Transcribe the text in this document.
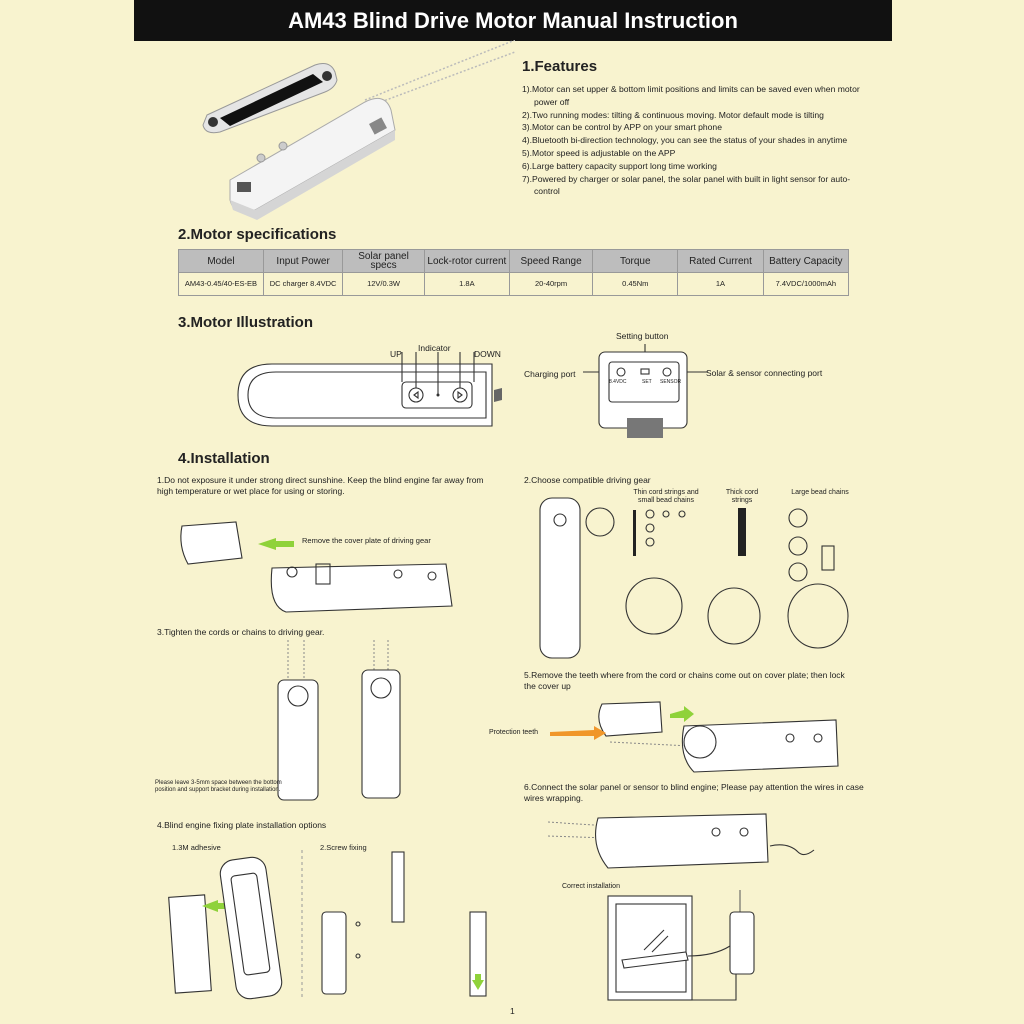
AM43 Blind Drive Motor Manual Instruction
1.Features
1).Motor can set upper & bottom limit positions and limits can be saved even when motor power off
2).Two running modes: tilting & continuous moving. Motor default mode is tilting
3).Motor can be control by APP on your smart phone
4).Bluetooth bi-direction technology, you can see the status of your shades in anytime
5).Motor speed is adjustable on the APP
6).Large battery capacity support long time working
7).Powered by charger or solar panel, the solar panel with built in light sensor for auto-control
2.Motor specifications
Model	Input Power	Solar panel specs	Lock-rotor current	Speed Range	Torque	Rated Current	Battery Capacity
AM43-0.45/40-ES-EB	DC charger 8.4VDC	12V/0.3W	1.8A	20-40rpm	0.45Nm	1A	7.4VDC/1000mAh
3.Motor Illustration
UP
Indicator
DOWN
Setting button
Charging port	Solar & sensor connecting port
8.4VDC	SET SENSOR
4.Installation
1.Do not exposure it under strong direct sunshine. Keep the blind engine far away from high temperature or wet place for using or storing.
Remove the cover plate of driving gear
3.Tighten the cords or chains to driving gear.
Please leave 3-5mm space between the bottom position and support bracket during installation.
4.Blind engine fixing plate installation options
1.3M adhesive	2.Screw fixing
2.Choose compatible driving gear
Thin cord strings and small bead chains
Thick cord strings
Large bead chains
5.Remove the teeth where from the cord or chains come out on cover plate; then lock the cover up
Protection teeth
6.Connect the solar panel or sensor to blind engine; Please pay attention the wires in case wires wrapping.
Correct installation
1
